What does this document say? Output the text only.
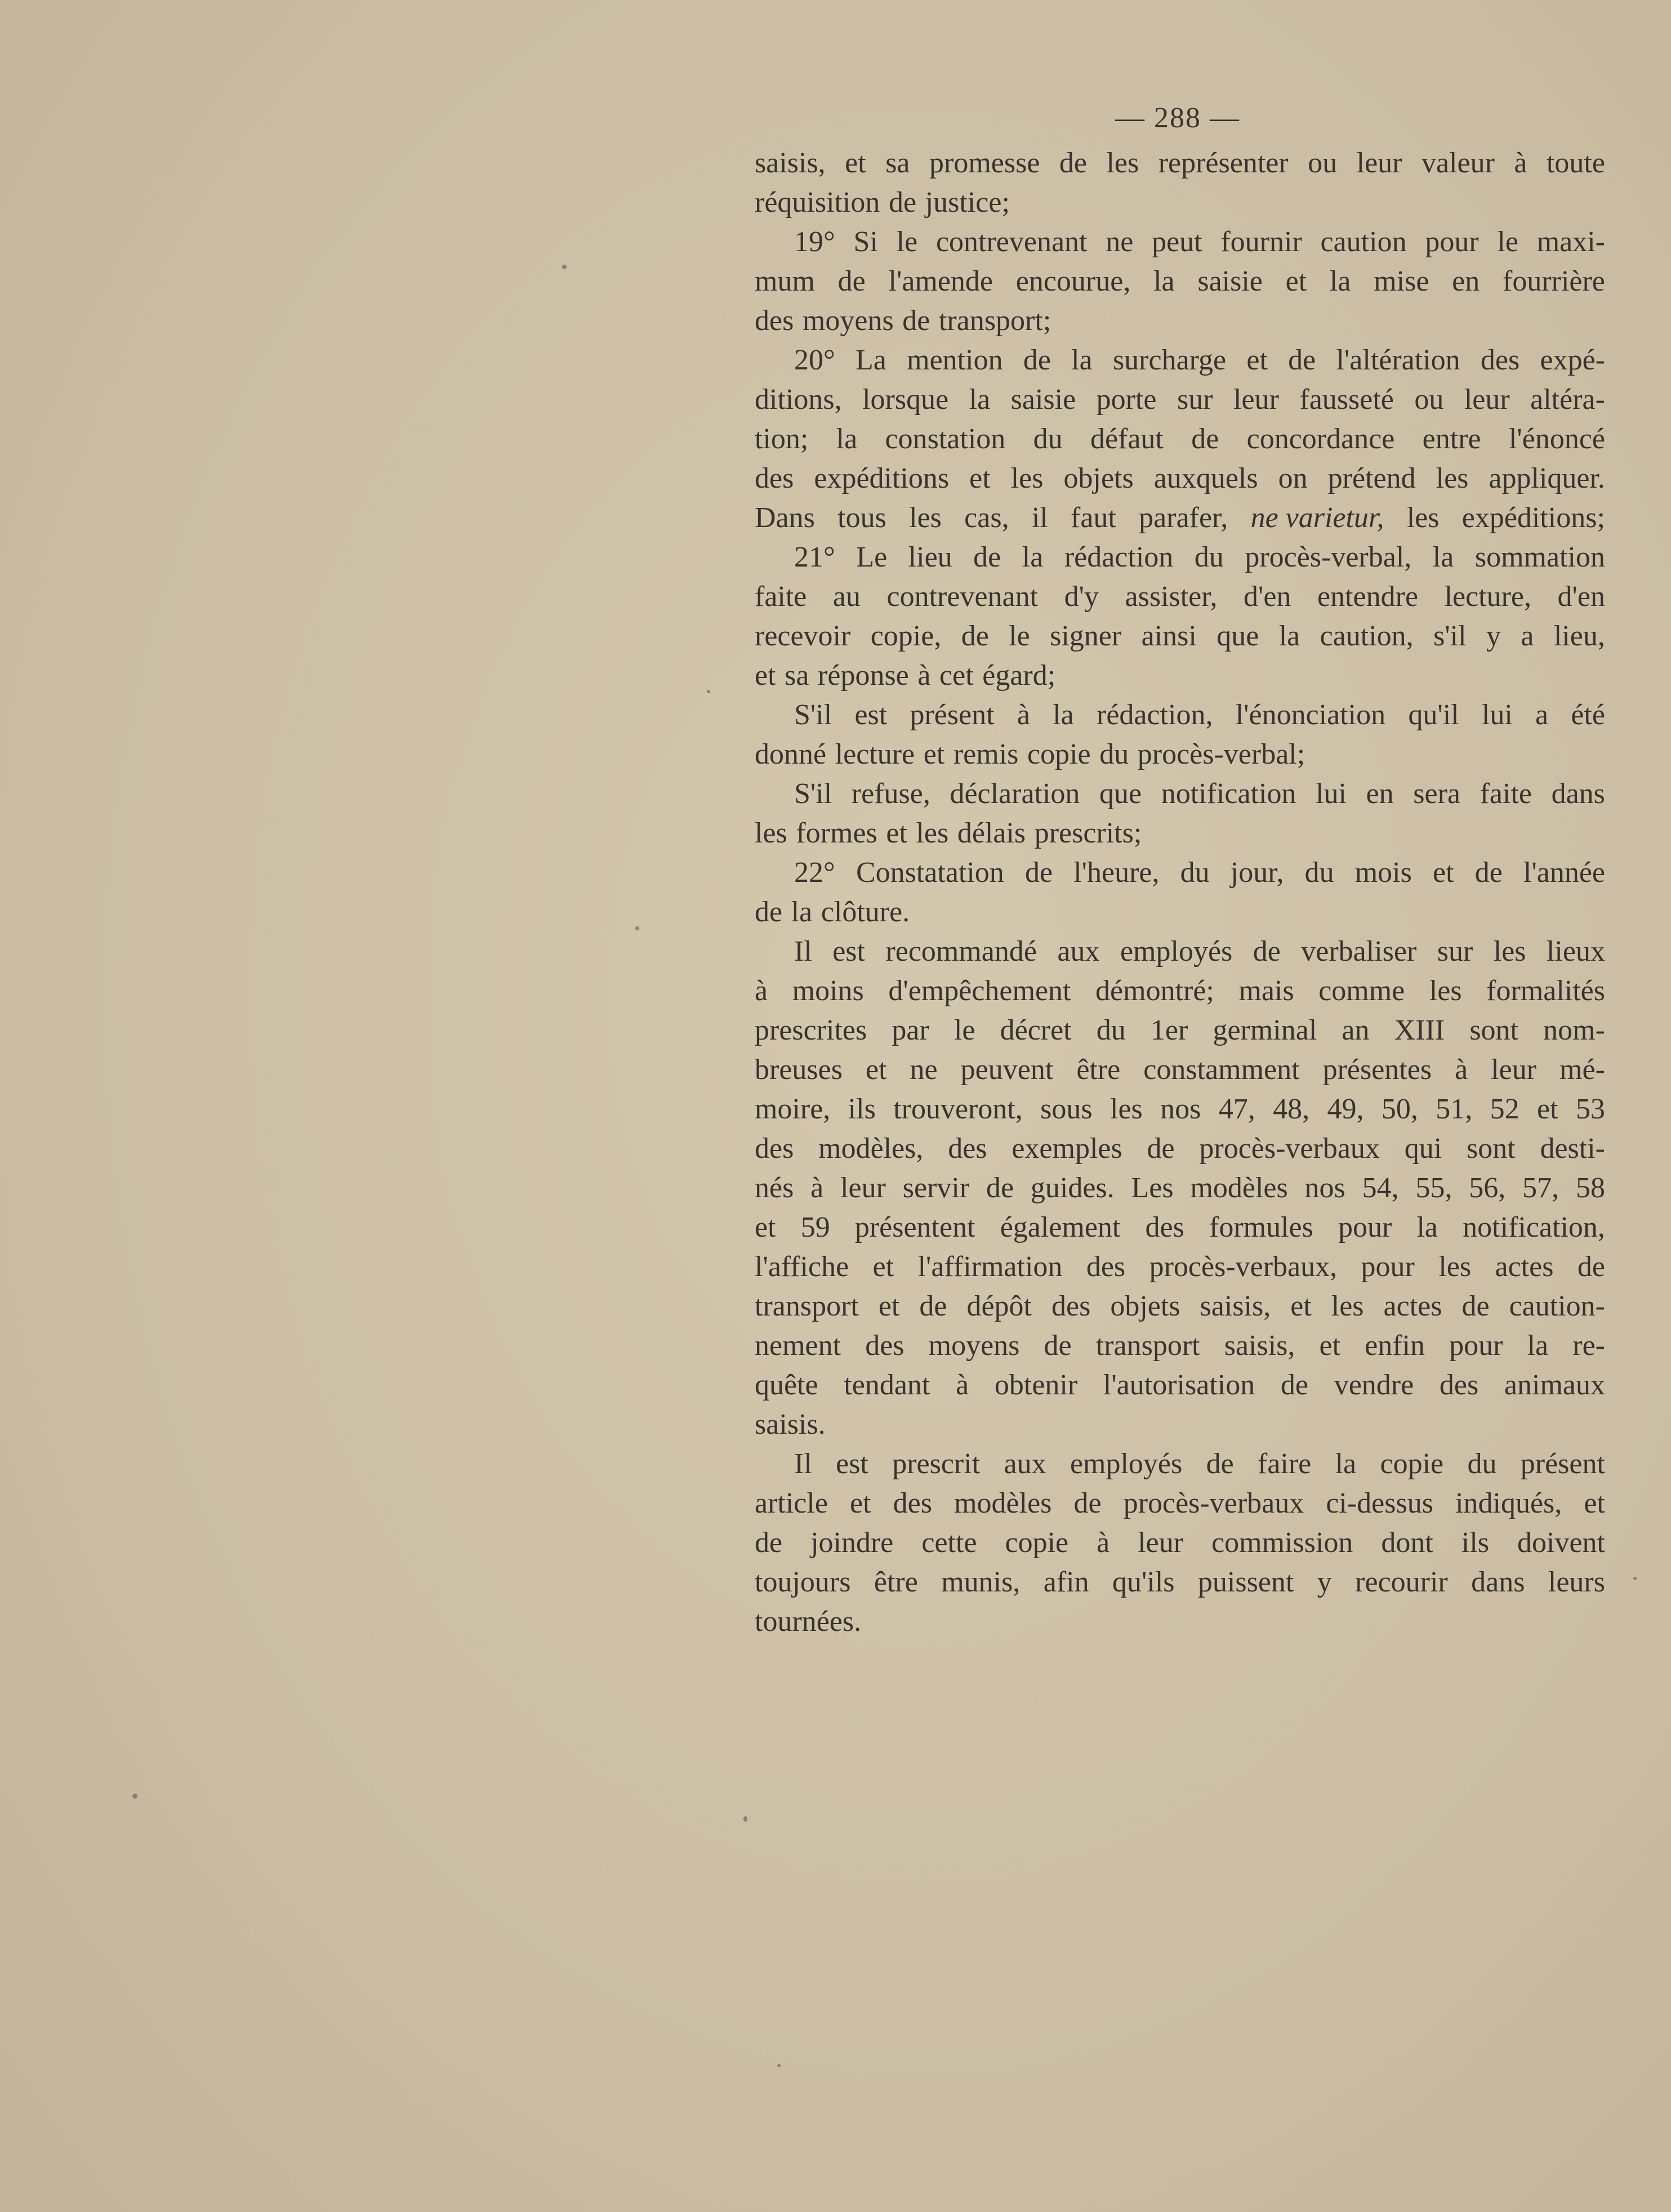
— 288 —
saisis, et sa promesse de les représenter ou leur valeur à toute
réquisition de justice;
19° Si le contrevenant ne peut fournir caution pour le maxi-
mum de l'amende encourue, la saisie et la mise en fourrière
des moyens de transport;
20° La mention de la surcharge et de l'altération des expé-
ditions, lorsque la saisie porte sur leur fausseté ou leur altéra-
tion; la constation du défaut de concordance entre l'énoncé
des expéditions et les objets auxquels on prétend les appliquer.
Dans tous les cas, il faut parafer, ne varietur, les expéditions;
21° Le lieu de la rédaction du procès-verbal, la sommation
faite au contrevenant d'y assister, d'en entendre lecture, d'en
recevoir copie, de le signer ainsi que la caution, s'il y a lieu,
et sa réponse à cet égard;
S'il est présent à la rédaction, l'énonciation qu'il lui a été
donné lecture et remis copie du procès-verbal;
S'il refuse, déclaration que notification lui en sera faite dans
les formes et les délais prescrits;
22° Constatation de l'heure, du jour, du mois et de l'année
de la clôture.
Il est recommandé aux employés de verbaliser sur les lieux
à moins d'empêchement démontré; mais comme les formalités
prescrites par le décret du 1er germinal an XIII sont nom-
breuses et ne peuvent être constamment présentes à leur mé-
moire, ils trouveront, sous les nos 47, 48, 49, 50, 51, 52 et 53
des modèles, des exemples de procès-verbaux qui sont desti-
nés à leur servir de guides. Les modèles nos 54, 55, 56, 57, 58
et 59 présentent également des formules pour la notification,
l'affiche et l'affirmation des procès-verbaux, pour les actes de
transport et de dépôt des objets saisis, et les actes de caution-
nement des moyens de transport saisis, et enfin pour la re-
quête tendant à obtenir l'autorisation de vendre des animaux
saisis.
Il est prescrit aux employés de faire la copie du présent
article et des modèles de procès-verbaux ci-dessus indiqués, et
de joindre cette copie à leur commission dont ils doivent
toujours être munis, afin qu'ils puissent y recourir dans leurs
tournées.
